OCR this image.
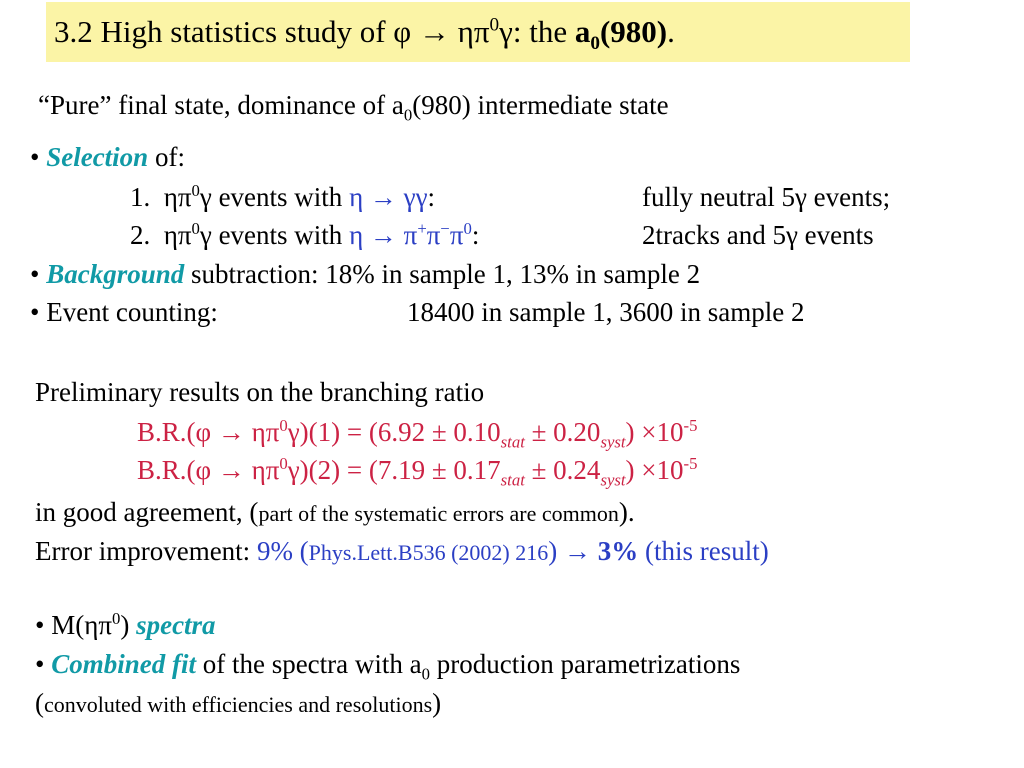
3.2 High statistics study of $\varphi \to \eta\pi^0\gamma$: the $a_0(980)$.
“Pure” final state, dominance of $a_0(980)$ intermediate state
• Selection of:
1. $\eta\pi^0\gamma$ events with η → γγ:	fully neutral 5γ events;
2. $\eta\pi^0\gamma$ events with $\eta \to \pi^+\pi^-\pi^0$:	2tracks and 5γ events
• Background subtraction: 18% in sample 1, 13% in sample 2
• Event counting:	18400 in sample 1, 3600 in sample 2
Preliminary results on the branching ratio
$B.R.(\varphi \to \eta\pi^0\gamma)(1) = (6.92 \pm 0.10_{stat} \pm 0.20_{syst}) \times 10^{-5}$
$B.R.(\varphi \to \eta\pi^0\gamma)(2) = (7.19 \pm 0.17_{stat} \pm 0.24_{syst}) \times 10^{-5}$
in good agreement, (part of the systematic errors are common).
Error improvement: 9% (Phys.Lett.B536 (2002) 216) → 3% (this result)
• $M(\eta\pi^0)$ spectra
• Combined fit of the spectra with $a_0$ production parametrizations
(convoluted with efficiencies and resolutions)
